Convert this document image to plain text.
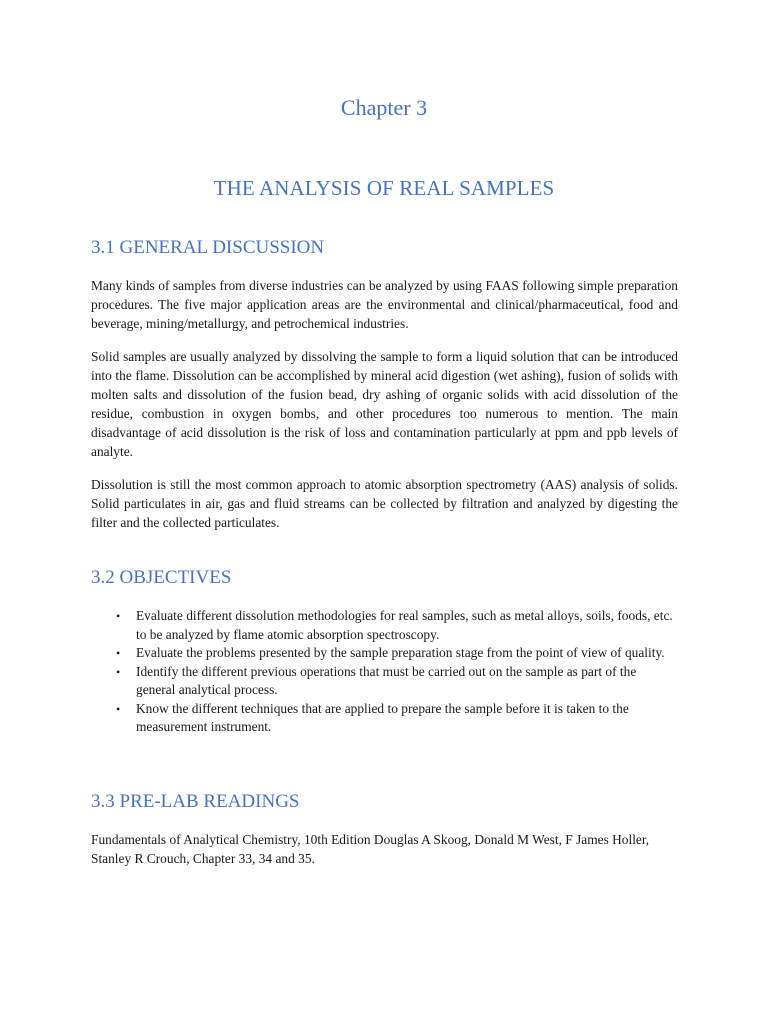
Chapter 3
THE ANALYSIS OF REAL SAMPLES
3.1 GENERAL DISCUSSION

Many kinds of samples from diverse industries can be analyzed by using FAAS following simple preparation procedures. The five major application areas are the environmental and clinical/pharmaceutical, food and beverage, mining/metallurgy, and petrochemical industries.

Solid samples are usually analyzed by dissolving the sample to form a liquid solution that can be introduced into the flame. Dissolution can be accomplished by mineral acid digestion (wet ashing), fusion of solids with molten salts and dissolution of the fusion bead, dry ashing of organic solids with acid dissolution of the residue, combustion in oxygen bombs, and other procedures too numerous to mention. The main disadvantage of acid dissolution is the risk of loss and contamination particularly at ppm and ppb levels of analyte.

Dissolution is still the most common approach to atomic absorption spectrometry (AAS) analysis of solids. Solid particulates in air, gas and fluid streams can be collected by filtration and analyzed by digesting the filter and the collected particulates.

3.2 OBJECTIVES
• Evaluate different dissolution methodologies for real samples, such as metal alloys, soils, foods, etc. to be analyzed by flame atomic absorption spectroscopy.
• Evaluate the problems presented by the sample preparation stage from the point of view of quality.
• Identify the different previous operations that must be carried out on the sample as part of the general analytical process.
• Know the different techniques that are applied to prepare the sample before it is taken to the measurement instrument.
3.3 PRE-LAB READINGS

Fundamentals of Analytical Chemistry, 10th Edition Douglas A Skoog, Donald M West, F James Holler, Stanley R Crouch, Chapter 33, 34 and 35.
